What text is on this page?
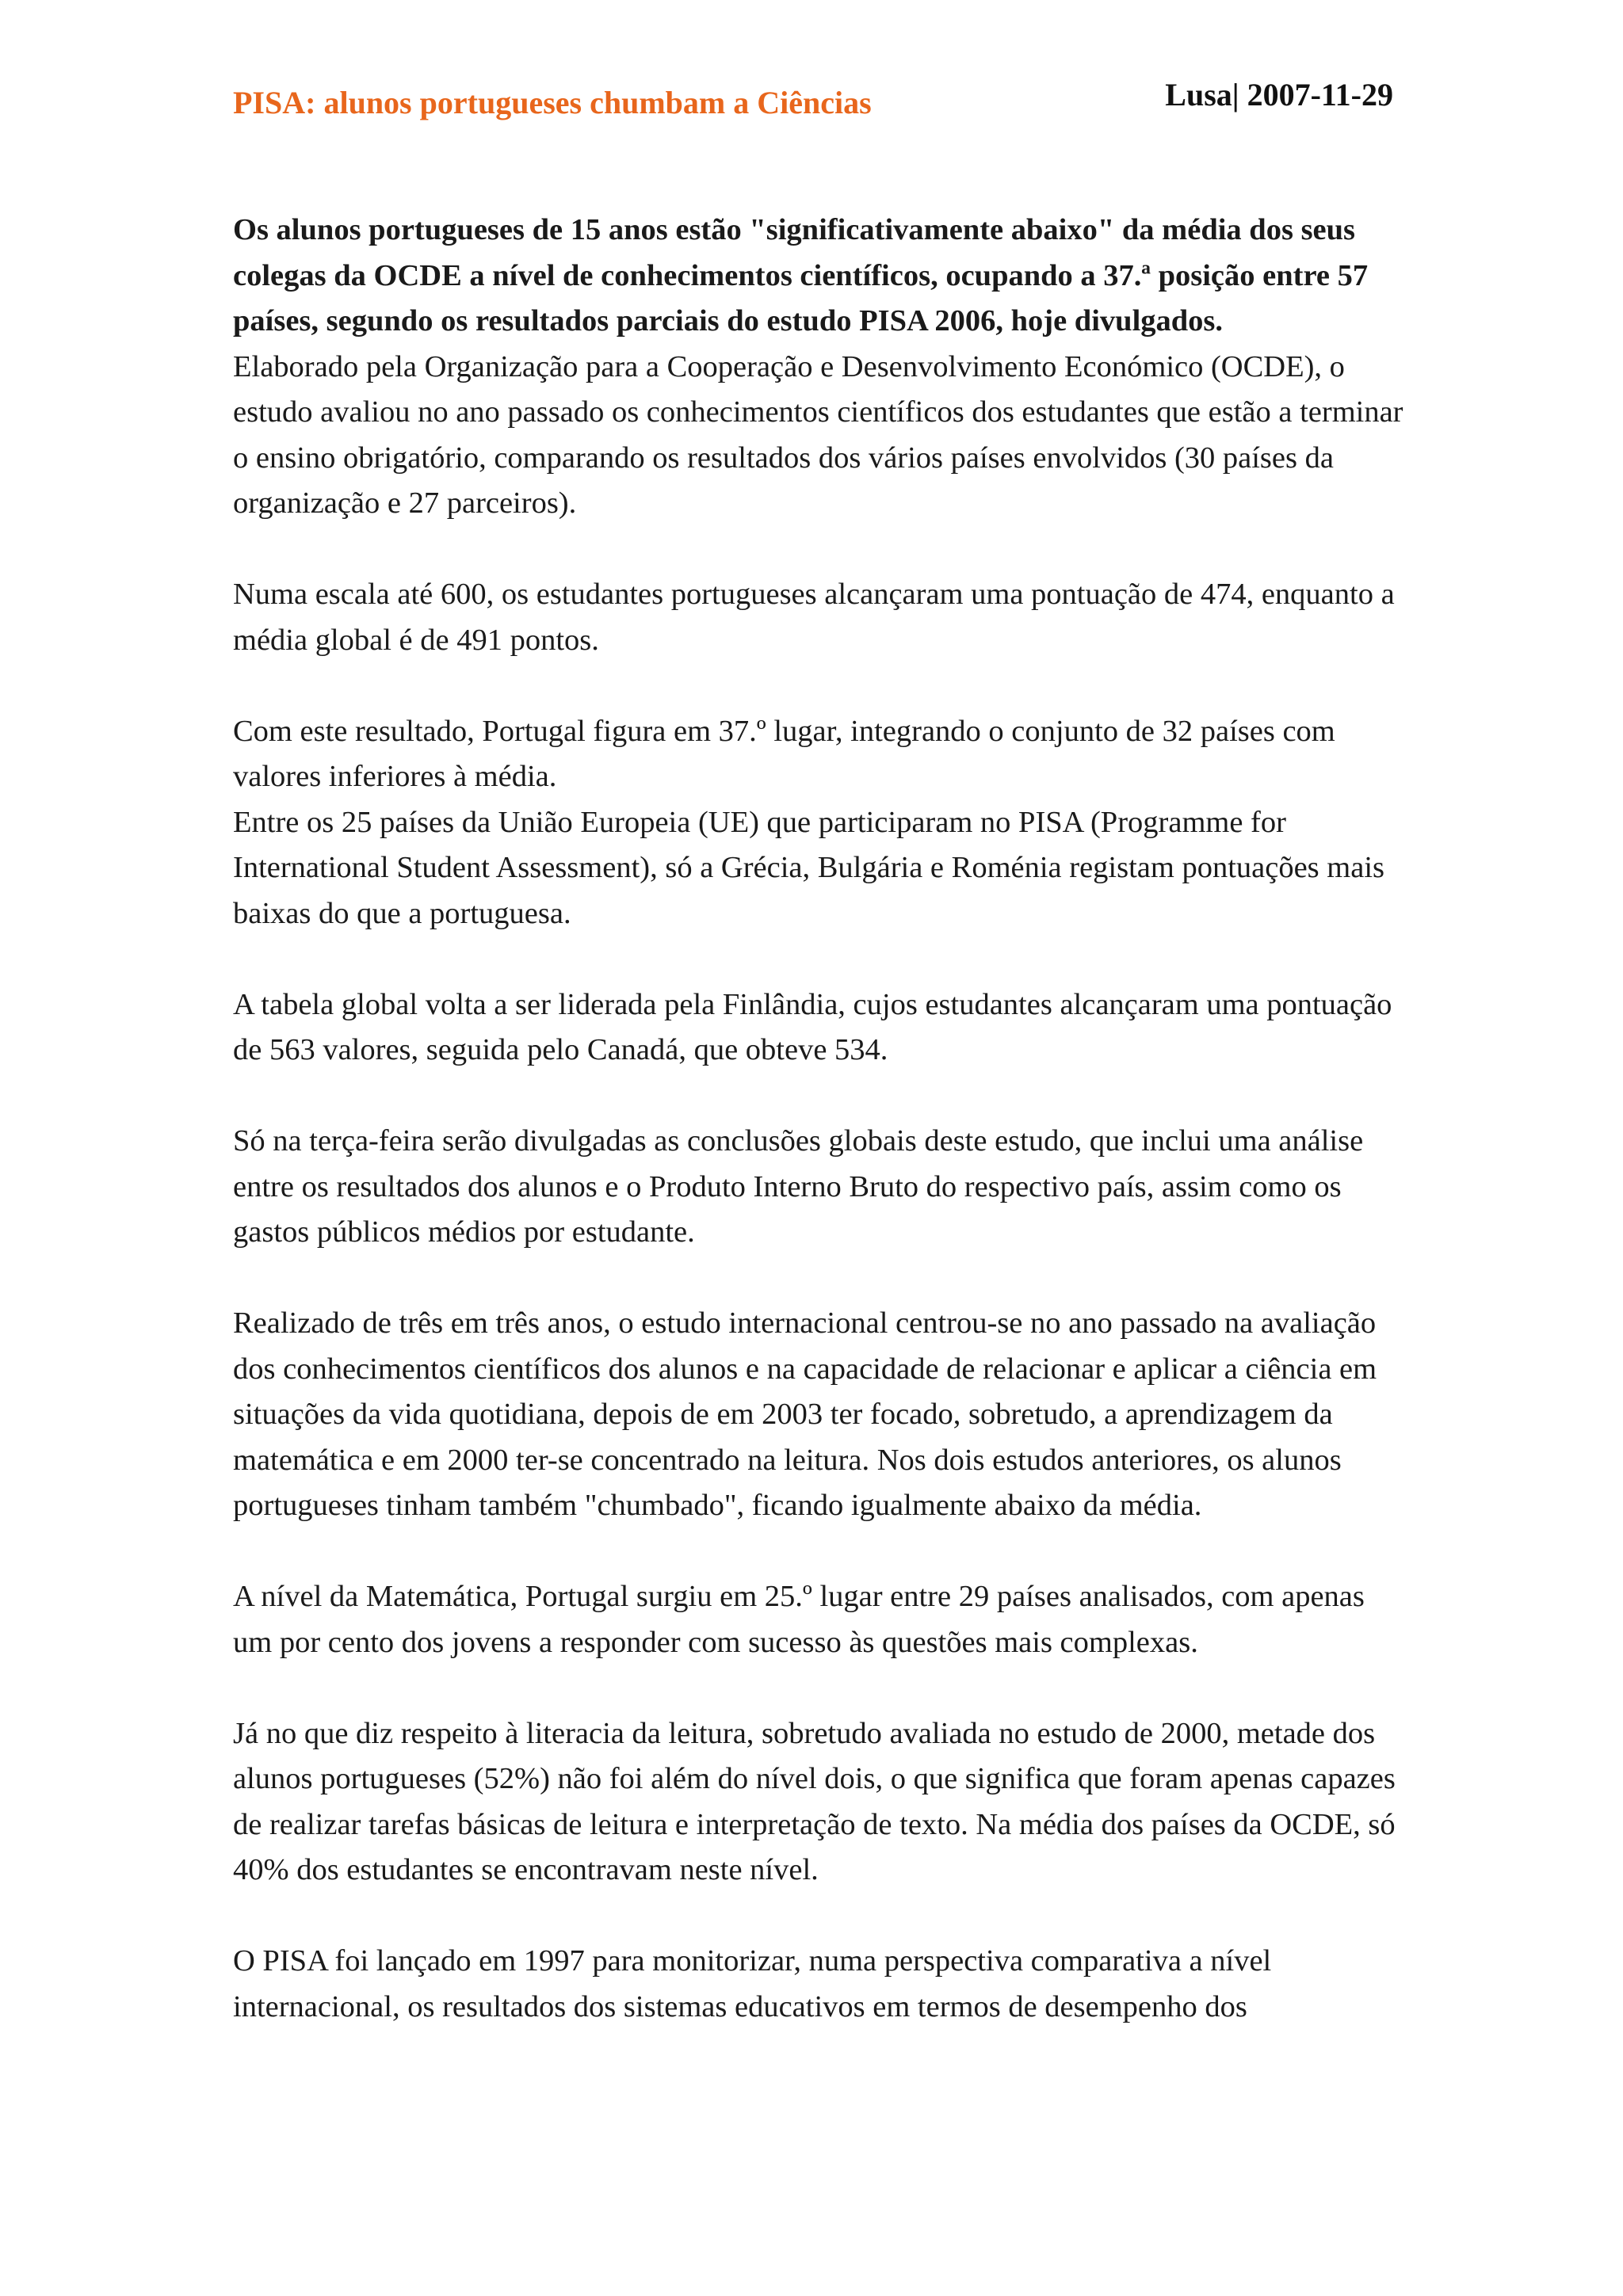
PISA: alunos portugueses chumbam a Ciências	Lusa| 2007-11-29

Os alunos portugueses de 15 anos estão "significativamente abaixo" da média dos seus colegas da OCDE a nível de conhecimentos científicos, ocupando a 37.ª posição entre 57 países, segundo os resultados parciais do estudo PISA 2006, hoje divulgados.

Elaborado pela Organização para a Cooperação e Desenvolvimento Económico (OCDE), o estudo avaliou no ano passado os conhecimentos científicos dos estudantes que estão a terminar o ensino obrigatório, comparando os resultados dos vários países envolvidos (30 países da organização e 27 parceiros).

Numa escala até 600, os estudantes portugueses alcançaram uma pontuação de 474, enquanto a média global é de 491 pontos.

Com este resultado, Portugal figura em 37.º lugar, integrando o conjunto de 32 países com valores inferiores à média.

Entre os 25 países da União Europeia (UE) que participaram no PISA (Programme for International Student Assessment), só a Grécia, Bulgária e Roménia registam pontuações mais baixas do que a portuguesa.

A tabela global volta a ser liderada pela Finlândia, cujos estudantes alcançaram uma pontuação de 563 valores, seguida pelo Canadá, que obteve 534.

Só na terça-feira serão divulgadas as conclusões globais deste estudo, que inclui uma análise entre os resultados dos alunos e o Produto Interno Bruto do respectivo país, assim como os gastos públicos médios por estudante.

Realizado de três em três anos, o estudo internacional centrou-se no ano passado na avaliação dos conhecimentos científicos dos alunos e na capacidade de relacionar e aplicar a ciência em situações da vida quotidiana, depois de em 2003 ter focado, sobretudo, a aprendizagem da matemática e em 2000 ter-se concentrado na leitura. Nos dois estudos anteriores, os alunos portugueses tinham também "chumbado", ficando igualmente abaixo da média.

A nível da Matemática, Portugal surgiu em 25.º lugar entre 29 países analisados, com apenas um por cento dos jovens a responder com sucesso às questões mais complexas.

Já no que diz respeito à literacia da leitura, sobretudo avaliada no estudo de 2000, metade dos alunos portugueses (52%) não foi além do nível dois, o que significa que foram apenas capazes de realizar tarefas básicas de leitura e interpretação de texto. Na média dos países da OCDE, só 40% dos estudantes se encontravam neste nível.

O PISA foi lançado em 1997 para monitorizar, numa perspectiva comparativa a nível internacional, os resultados dos sistemas educativos em termos de desempenho dos
